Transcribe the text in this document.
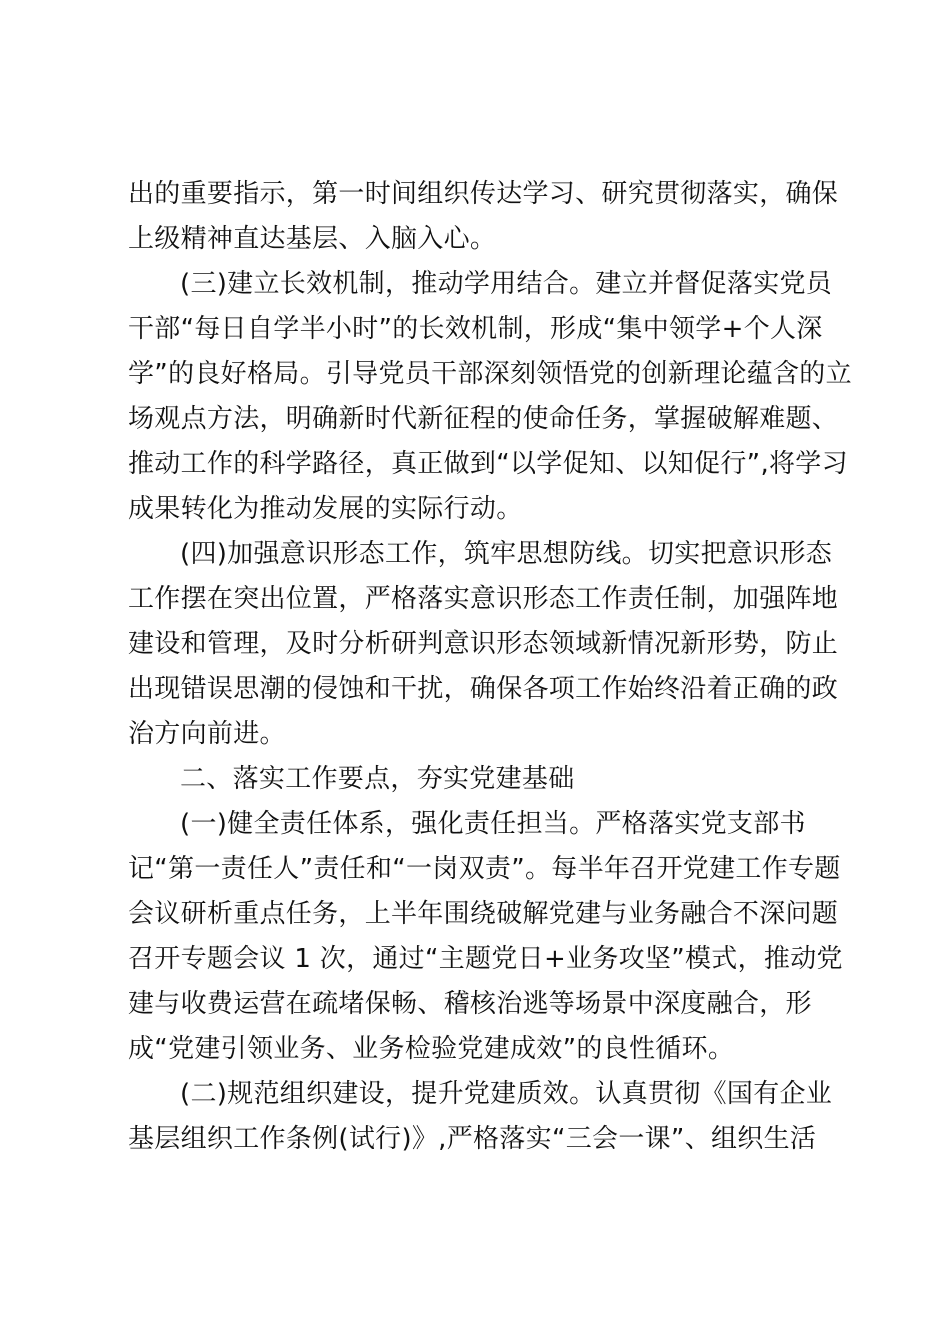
出的重要指示，第一时间组织传达学习、研究贯彻落实，确保
上级精神直达基层、入脑入心。
(三)建立长效机制，推动学用结合。建立并督促落实党员
干部“每日自学半小时”的长效机制，形成“集中领学+个人深
学”的良好格局。引导党员干部深刻领悟党的创新理论蕴含的立
场观点方法，明确新时代新征程的使命任务，掌握破解难题、
推动工作的科学路径，真正做到“以学促知、以知促行”,将学习
成果转化为推动发展的实际行动。
(四)加强意识形态工作，筑牢思想防线。切实把意识形态
工作摆在突出位置，严格落实意识形态工作责任制，加强阵地
建设和管理，及时分析研判意识形态领域新情况新形势，防止
出现错误思潮的侵蚀和干扰，确保各项工作始终沿着正确的政
治方向前进。
二、落实工作要点，夯实党建基础
(一)健全责任体系，强化责任担当。严格落实党支部书
记“第一责任人”责任和“一岗双责”。每半年召开党建工作专题
会议研析重点任务，上半年围绕破解党建与业务融合不深问题
召开专题会议 1 次，通过“主题党日+业务攻坚”模式，推动党
建与收费运营在疏堵保畅、稽核治逃等场景中深度融合，形
成“党建引领业务、业务检验党建成效”的良性循环。
(二)规范组织建设，提升党建质效。认真贯彻《国有企业
基层组织工作条例(试行)》,严格落实“三会一课”、组织生活
